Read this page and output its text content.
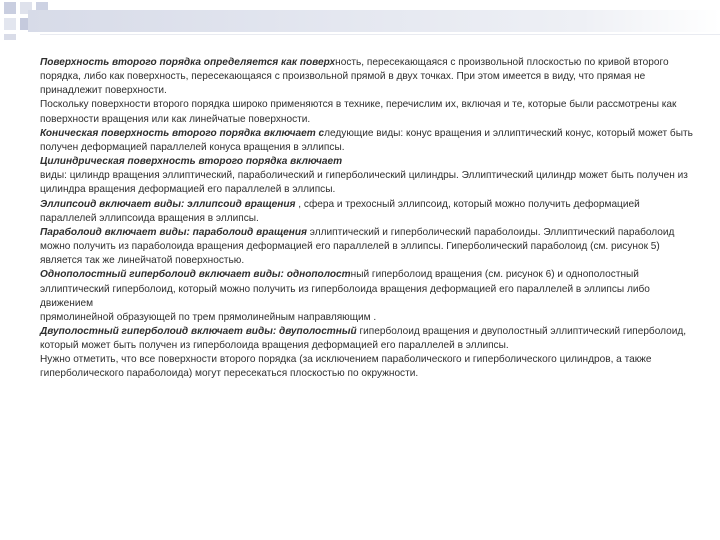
Поверхность второго порядка определяется как поверхность, пересекающаяся с произвольной плоскостью по кривой второго порядка, либо как поверхность, пересекающаяся с произвольной прямой в двух точках. При этом имеется в виду, что прямая не принадлежит поверхности.

Поскольку поверхности второго порядка широко применяются в технике, перечислим их, включая и те, которые были рассмотрены как поверхности вращения или как линейчатые поверхности.

Коническая поверхность второго порядка включает следующие виды: конус вращения и эллиптический конус, который может быть получен деформацией параллелей конуса вращения в эллипсы.

Цилиндрическая поверхность второго порядка включает

виды: цилиндр вращения эллиптический, параболический и гиперболический цилиндры. Эллиптический цилиндр может быть получен из цилиндра вращения деформацией его параллелей в эллипсы.

Эллипсоид включает виды: эллипсоид вращения , сфера и трехосный эллипсоид, который можно получить деформацией параллелей эллипсоида вращения в эллипсы.

Параболоид включает виды: параболоид вращения эллиптический и гиперболический параболоиды. Эллиптический параболоид можно получить из параболоида вращения деформацией его параллелей в эллипсы. Гиперболический параболоид (см. рисунок 5) является так же линейчатой поверхностью.

Однополостный гиперболоид включает виды: однополостный гиперболоид вращения (см. рисунок 6) и однополостный эллиптический гиперболоид, который можно получить из гиперболоида вращения деформацией его параллелей в эллипсы либо движением

прямолинейной образующей по трем прямолинейным направляющим .

Двуполостный гиперболоид включает виды: двуполостный гиперболоид вращения и двуполостный эллиптический гиперболоид, который может быть получен из гиперболоида вращения деформацией его параллелей в эллипсы.

Нужно отметить, что все поверхности второго порядка (за исключением параболического и гиперболического цилиндров, а также гиперболического параболоида) могут пересекаться плоскостью по окружности.
